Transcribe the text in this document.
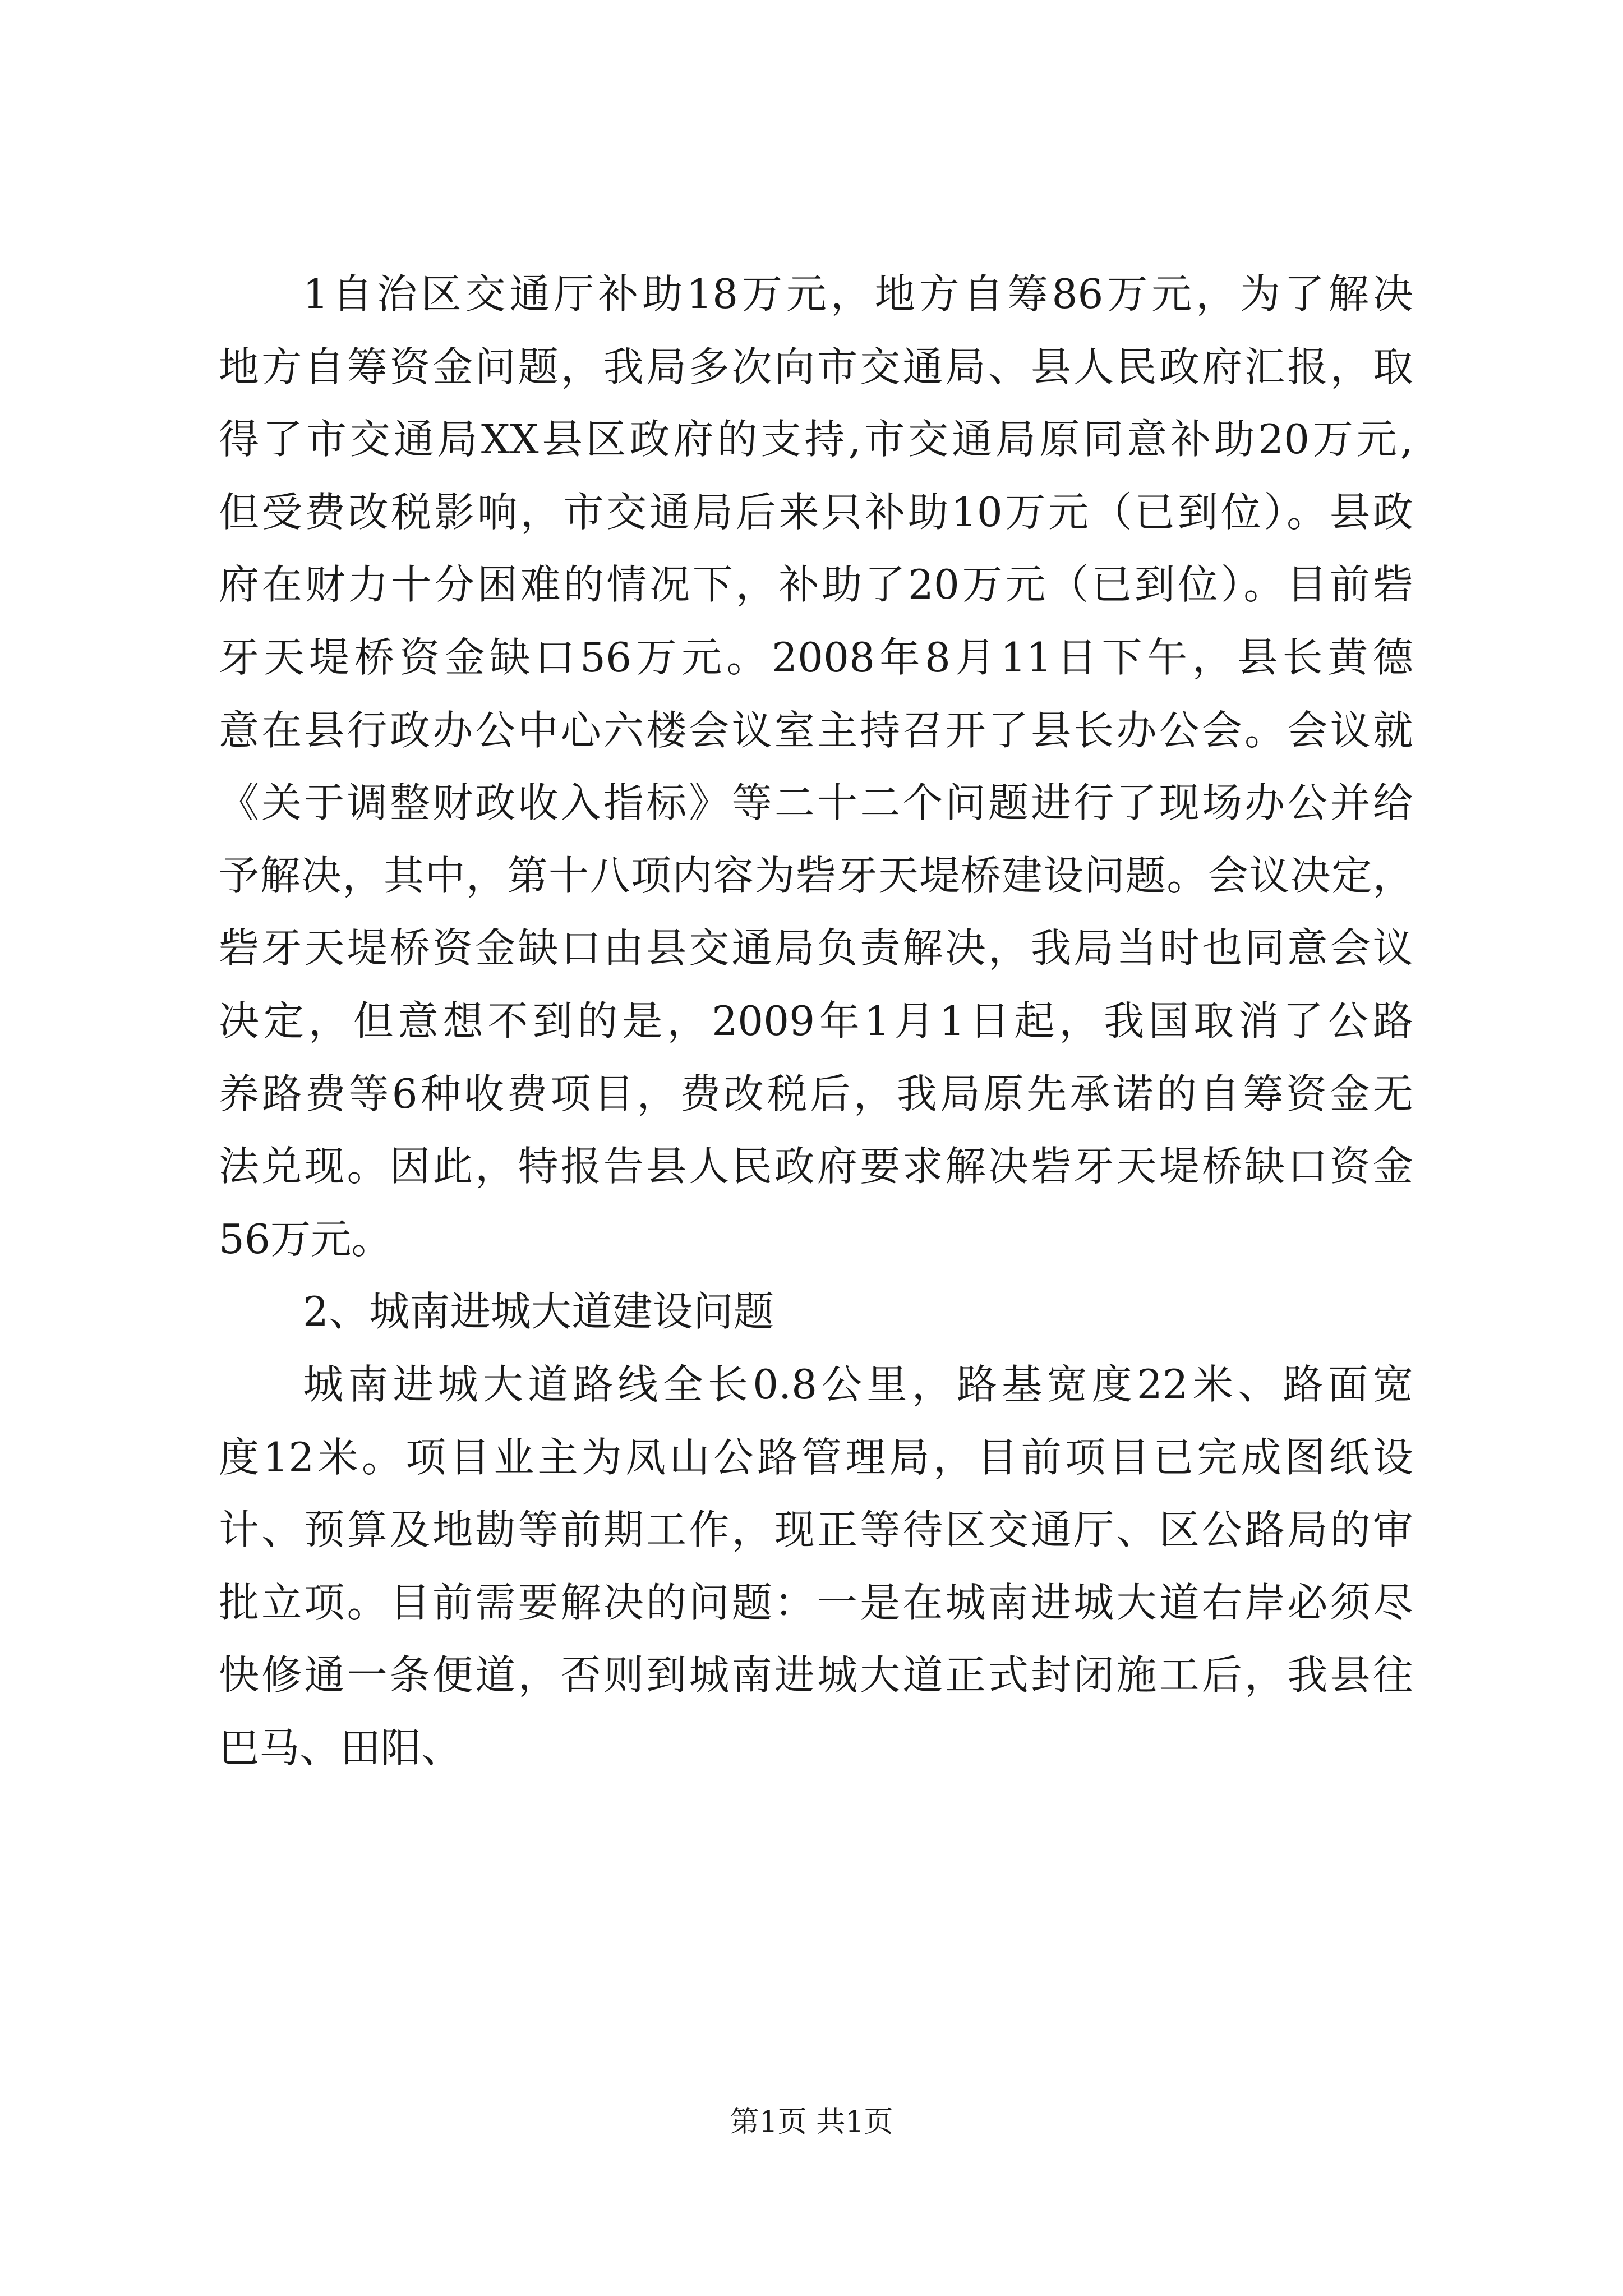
1自治区交通厅补助18万元，地方自筹86万元，为了解决
地方自筹资金问题，我局多次向市交通局、县人民政府汇报，取
得了市交通局XX县区政府的支持,市交通局原同意补助20万元,
但受费改税影响，市交通局后来只补助10万元（已到位）。县政
府在财力十分困难的情况下，补助了20万元（已到位）。目前砦
牙天堤桥资金缺口56万元。2008年8月11日下午，县长黄德
意在县行政办公中心六楼会议室主持召开了县长办公会。会议就
《关于调整财政收入指标》等二十二个问题进行了现场办公并给
予解决，其中，第十八项内容为砦牙天堤桥建设问题。会议决定，
砦牙天堤桥资金缺口由县交通局负责解决，我局当时也同意会议
决定，但意想不到的是，2009年1月1日起，我国取消了公路
养路费等6种收费项目，费改税后，我局原先承诺的自筹资金无
法兑现。因此，特报告县人民政府要求解决砦牙天堤桥缺口资金
56万元。
2、城南进城大道建设问题
城南进城大道路线全长0.8公里，路基宽度22米、路面宽
度12米。项目业主为凤山公路管理局，目前项目已完成图纸设
计、预算及地勘等前期工作，现正等待区交通厅、区公路局的审
批立项。目前需要解决的问题：一是在城南进城大道右岸必须尽
快修通一条便道，否则到城南进城大道正式封闭施工后，我县往
巴马、田阳、
第1页 共1页
